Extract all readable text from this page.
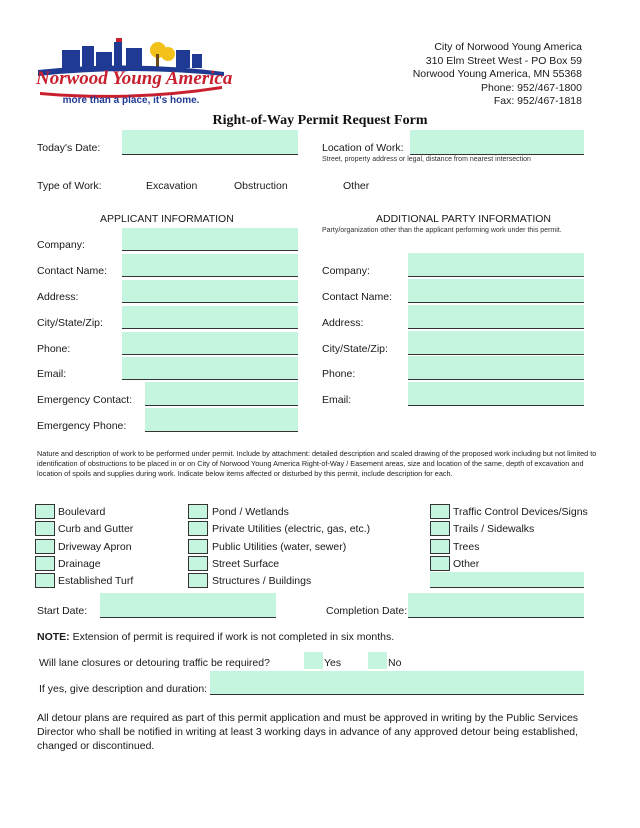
Norwood Young America
more than a place, it's home.
City of Norwood Young America
310 Elm Street West - PO Box 59
Norwood Young America, MN 55368
Phone: 952/467-1800
Fax: 952/467-1818
Right-of-Way Permit Request Form
Today's Date:	Location of Work:
Street, property address or legal, distance from nearest intersection
Type of Work:	Excavation	Obstruction	Other
APPLICANT INFORMATION	ADDITIONAL PARTY INFORMATION
Party/organization other than the applicant performing work under this permit.
Company:
Contact Name:
Address:
City/State/Zip:
Phone:
Email:
Emergency Contact:
Emergency Phone:
Company:
Contact Name:
Address:
City/State/Zip:
Phone:
Email:
Nature and description of work to be performed under permit. Include by attachment: detailed description and scaled drawing of the proposed work including but not limited to identification of obstructions to be placed in or on City of Norwood Young America Right-of-Way / Easement areas, size and location of the same, depth of excavation and location of spoils and supplies during work. Indicate below items affected or disturbed by this permit, include description for each.
Boulevard
Curb and Gutter
Driveway Apron
Drainage
Established Turf
Pond / Wetlands
Private Utilities (electric, gas, etc.)
Public Utilities (water, sewer)
Street Surface
Structures / Buildings
Traffic Control Devices/Signs
Trails / Sidewalks
Trees
Other
Start Date:	Completion Date:
NOTE: Extension of permit is required if work is not completed in six months.
Will lane closures or detouring traffic be required?	Yes	No
If yes, give description and duration:
All detour plans are required as part of this permit application and must be approved in writing by the Public Services Director who shall be notified in writing at least 3 working days in advance of any approved detour being established, changed or discontinued.
